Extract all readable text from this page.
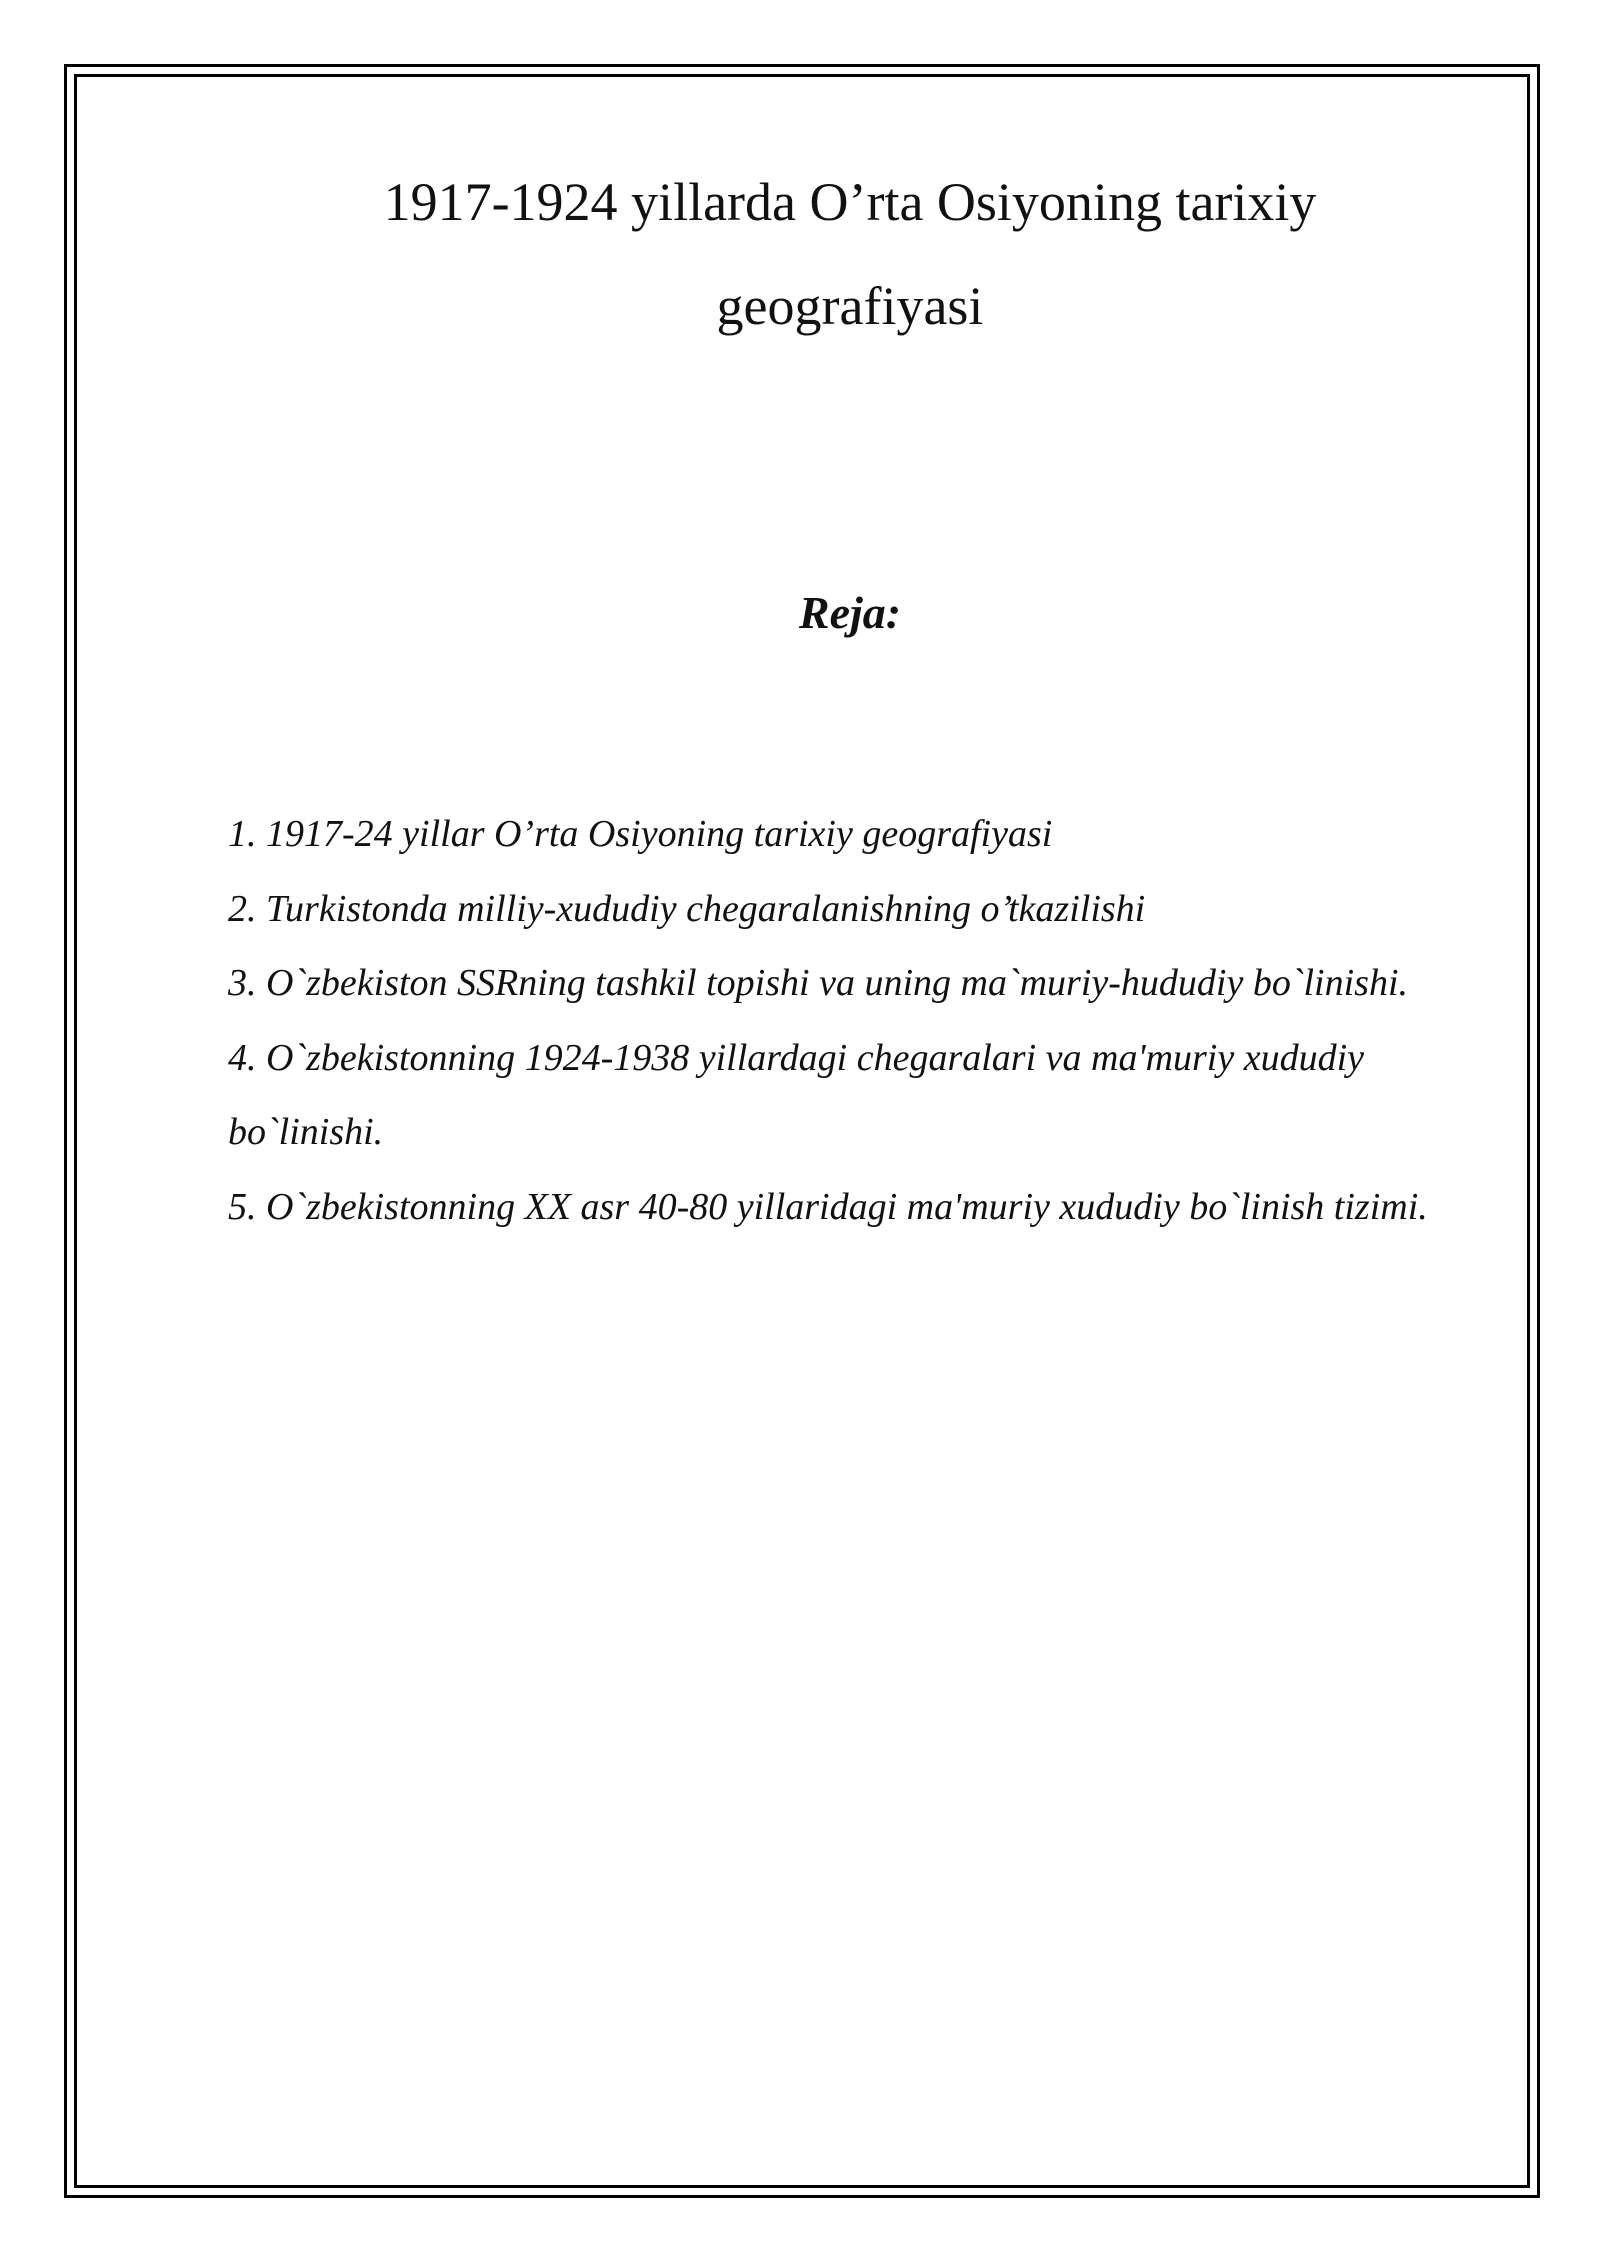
1917-1924 yillarda O’rta Osiyoning tarixiy
geografiyasi
Reja:
1. 1917-24 yillar O’rta Osiyoning tarixiy geografiyasi
2. Turkistonda milliy-xududiy chegaralanishning o’tkazilishi
3. O`zbekiston SSRning tashkil topishi va uning ma`muriy-hududiy bo`linishi.
4. O`zbekistonning 1924-1938 yillardagi chegaralari va ma'muriy xududiy bo`linishi.
5. O`zbekistonning XX asr 40-80 yillaridagi ma'muriy xududiy bo`linish tizimi.
